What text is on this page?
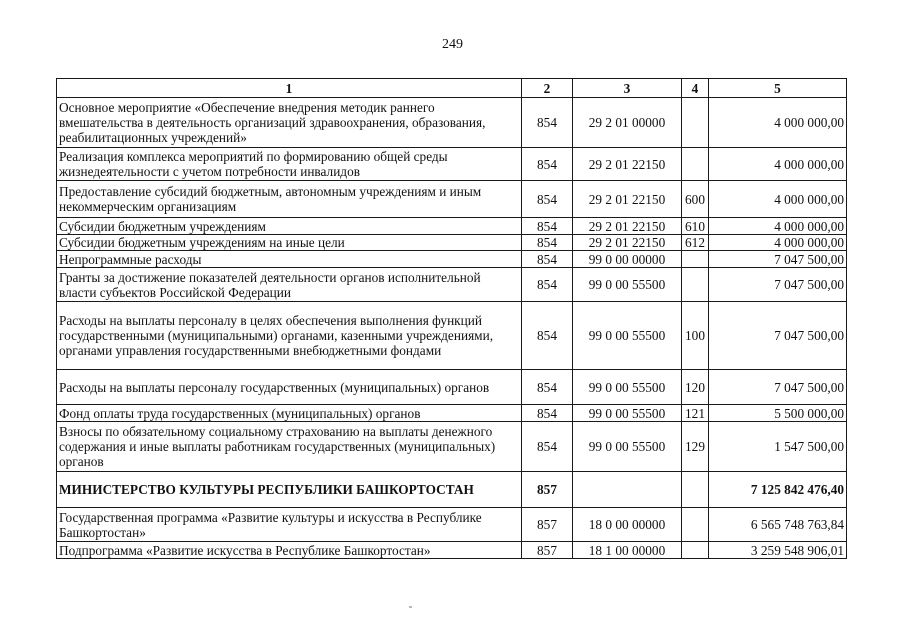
249
1	2	3	4	5
Основное мероприятие «Обеспечение внедрения методик раннего вмешательства в деятельность организаций здравоохранения, образования, реабилитационных учреждений»	854	29 2 01 00000		4 000 000,00
Реализация комплекса мероприятий по формированию общей среды жизнедеятельности с учетом потребности инвалидов	854	29 2 01 22150		4 000 000,00
Предоставление субсидий бюджетным, автономным учреждениям и иным некоммерческим организациям	854	29 2 01 22150	600	4 000 000,00
Субсидии бюджетным учреждениям	854	29 2 01 22150	610	4 000 000,00
Субсидии бюджетным учреждениям на иные цели	854	29 2 01 22150	612	4 000 000,00
Непрограммные расходы	854	99 0 00 00000		7 047 500,00
Гранты за достижение показателей деятельности органов исполнительной власти субъектов Российской Федерации	854	99 0 00 55500		7 047 500,00
Расходы на выплаты персоналу в целях обеспечения выполнения функций государственными (муниципальными) органами, казенными учреждениями, органами управления государственными внебюджетными фондами	854	99 0 00 55500	100	7 047 500,00
Расходы на выплаты персоналу государственных (муниципальных) органов	854	99 0 00 55500	120	7 047 500,00
Фонд оплаты труда государственных (муниципальных) органов	854	99 0 00 55500	121	5 500 000,00
Взносы по обязательному социальному страхованию на выплаты денежного содержания и иные выплаты работникам государственных (муниципальных) органов	854	99 0 00 55500	129	1 547 500,00
МИНИСТЕРСТВО КУЛЬТУРЫ РЕСПУБЛИКИ БАШКОРТОСТАН	857			7 125 842 476,40
Государственная программа «Развитие культуры и искусства в Республике Башкортостан»	857	18 0 00 00000		6 565 748 763,84
Подпрограмма «Развитие искусства в Республике Башкортостан»	857	18 1 00 00000		3 259 548 906,01
